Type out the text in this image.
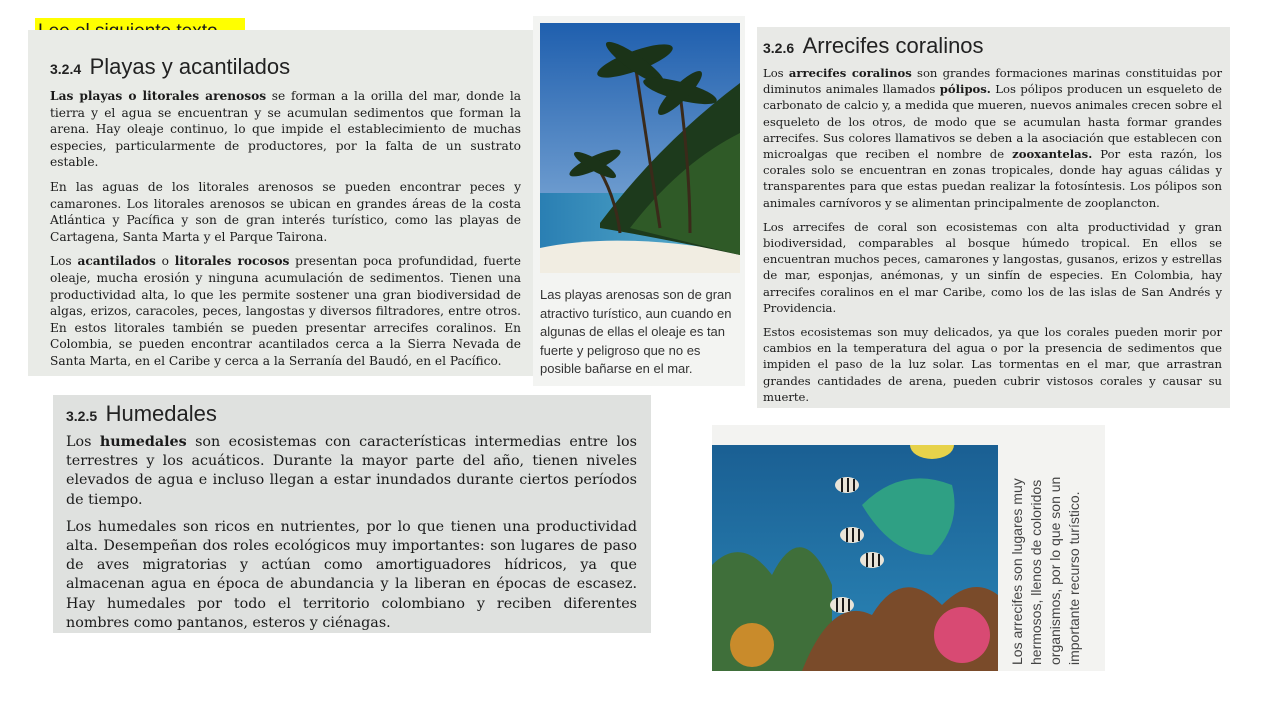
3.2.4 Playas y acantilados

Las playas o litorales arenosos se forman a la orilla del mar, donde la tierra y el agua se encuentran y se acumulan sedimentos que forman la arena. Hay oleaje continuo, lo que impide el establecimiento de muchas especies, particularmente de productores, por la falta de un sustrato estable.

En las aguas de los litorales arenosos se pueden encontrar peces y camarones. Los litorales arenosos se ubican en grandes áreas de la costa Atlántica y Pacífica y son de gran interés turístico, como las playas de Cartagena, Santa Marta y el Parque Tairona.

Los acantilados o litorales rocosos presentan poca profundidad, fuerte oleaje, mucha erosión y ninguna acumulación de sedimentos. Tienen una productividad alta, lo que les permite sostener una gran biodiversidad de algas, erizos, caracoles, peces, langostas y diversos filtradores, entre otros. En estos litorales también se pueden presentar arrecifes coralinos. En Colombia, se pueden encontrar acantilados cerca a la Sierra Nevada de Santa Marta, en el Caribe y cerca a la Serranía del Baudó, en el Pacífico.

Las playas arenosas son de gran atractivo turístico, aun cuando en algunas de ellas el oleaje es tan fuerte y peligroso que no es posible bañarse en el mar.
3.2.6 Arrecifes coralinos

Los arrecifes coralinos son grandes formaciones marinas constituidas por diminutos animales llamados pólipos. Los pólipos producen un esqueleto de carbonato de calcio y, a medida que mueren, nuevos animales crecen sobre el esqueleto de los otros, de modo que se acumulan hasta formar grandes arrecifes. Sus colores llamativos se deben a la asociación que establecen con microalgas que reciben el nombre de zooxantelas. Por esta razón, los corales solo se encuentran en zonas tropicales, donde hay aguas cálidas y transparentes para que estas puedan realizar la fotosíntesis. Los pólipos son animales carnívoros y se alimentan principalmente de zooplancton.

Los arrecifes de coral son ecosistemas con alta productividad y gran biodiversidad, comparables al bosque húmedo tropical. En ellos se encuentran muchos peces, camarones y langostas, gusanos, erizos y estrellas de mar, esponjas, anémonas, y un sinfín de especies. En Colombia, hay arrecifes coralinos en el mar Caribe, como los de las islas de San Andrés y Providencia.

Estos ecosistemas son muy delicados, ya que los corales pueden morir por cambios en la temperatura del agua o por la presencia de sedimentos que impiden el paso de la luz solar. Las tormentas en el mar, que arrastran grandes cantidades de arena, pueden cubrir vistosos corales y causar su muerte.

3.2.5 Humedales

Los humedales son ecosistemas con características intermedias entre los terrestres y los acuáticos. Durante la mayor parte del año, tienen niveles elevados de agua e incluso llegan a estar inundados durante ciertos períodos de tiempo.

Los humedales son ricos en nutrientes, por lo que tienen una productividad alta. Desempeñan dos roles ecológicos muy importantes: son lugares de paso de aves migratorias y actúan como amortiguadores hídricos, ya que almacenan agua en época de abundancia y la liberan en épocas de escasez. Hay humedales por todo el territorio colombiano y reciben diferentes nombres como pantanos, esteros y ciénagas.	Los arrecifes son lugares muy hermosos, llenos de coloridos organismos, por lo que son un importante recurso turístico.
